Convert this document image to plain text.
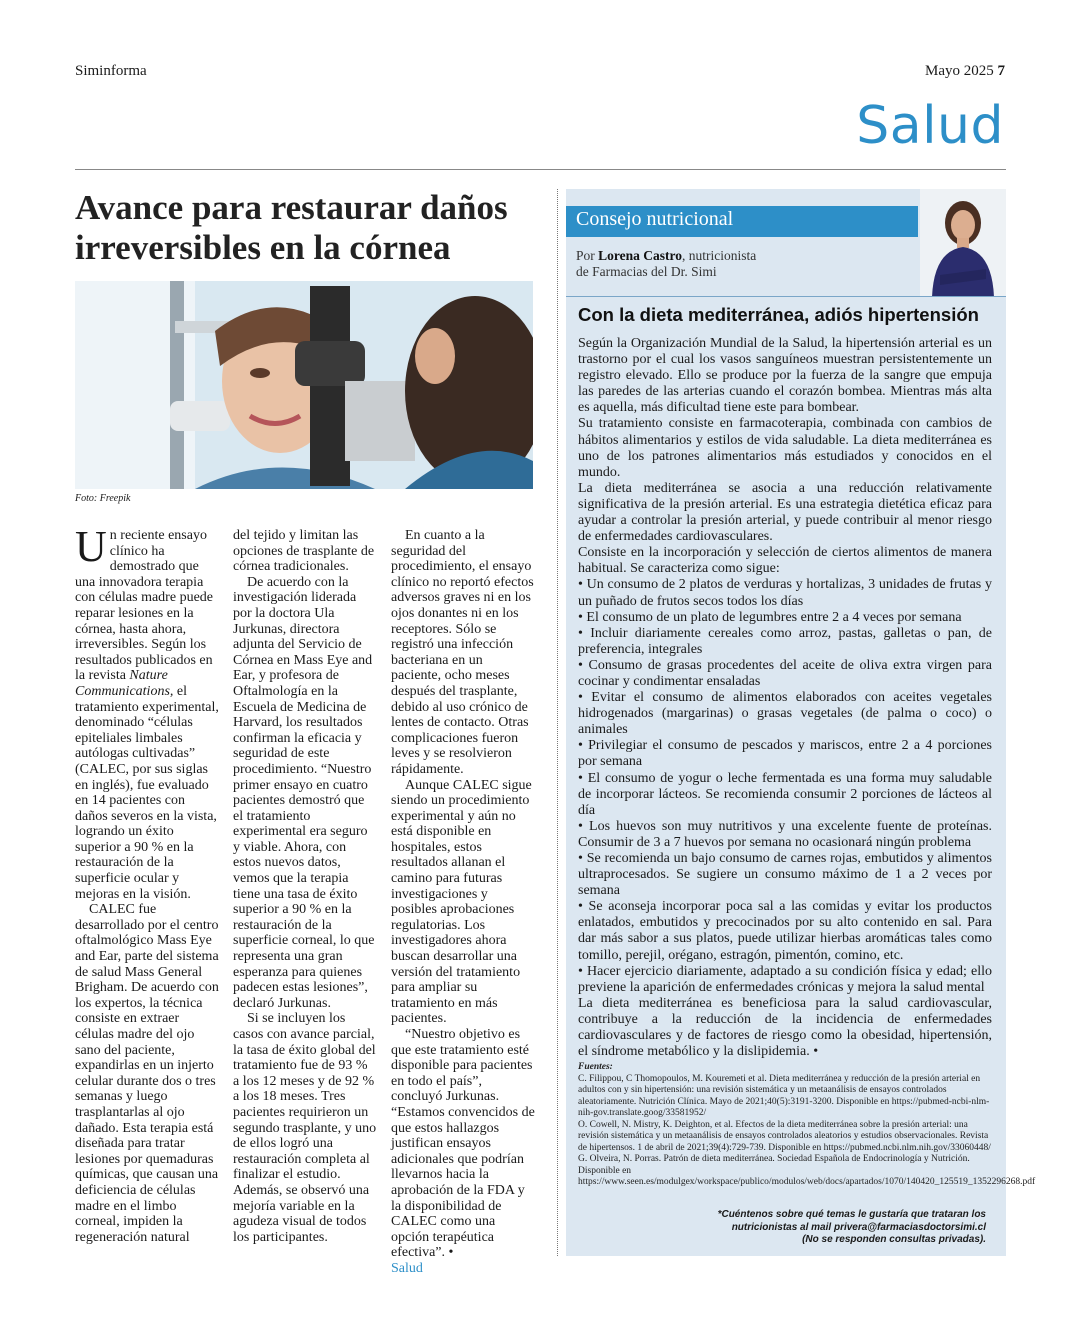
Siminforma	Mayo 2025 7
Salud
Avance para restaurar daños irreversibles en la córnea
Foto: Freepik

Un reciente ensayo clínico ha demostrado que una innovadora terapia con células madre puede reparar lesiones en la córnea, hasta ahora, irreversibles. Según los resultados publicados en la revista Nature Communications, el tratamiento experimental, denominado “células epiteliales limbales autólogas cultivadas” (CALEC, por sus siglas en inglés), fue evaluado en 14 pacientes con daños severos en la vista, logrando un éxito superior a 90 % en la restauración de la superficie ocular y mejoras en la visión.

CALEC fue desarrollado por el centro oftalmológico Mass Eye and Ear, parte del sistema de salud Mass General Brigham. De acuerdo con los expertos, la técnica consiste en extraer células madre del ojo sano del paciente, expandirlas en un injerto celular durante dos o tres semanas y luego trasplantarlas al ojo dañado. Esta terapia está diseñada para tratar lesiones por quemaduras químicas, que causan una deficiencia de células madre en el limbo corneal, impiden la regeneración natural

del tejido y limitan las opciones de trasplante de córnea tradicionales.

De acuerdo con la investigación liderada por la doctora Ula Jurkunas, directora adjunta del Servicio de Córnea en Mass Eye and Ear, y profesora de Oftalmología en la Escuela de Medicina de Harvard, los resultados confirman la eficacia y seguridad de este procedimiento. “Nuestro primer ensayo en cuatro pacientes demostró que el tratamiento experimental era seguro y viable. Ahora, con estos nuevos datos, vemos que la terapia tiene una tasa de éxito superior a 90 % en la restauración de la superficie corneal, lo que representa una gran esperanza para quienes padecen estas lesiones”, declaró Jurkunas.

Si se incluyen los casos con avance parcial, la tasa de éxito global del tratamiento fue de 93 % a los 12 meses y de 92 % a los 18 meses. Tres pacientes requirieron un segundo trasplante, y uno de ellos logró una restauración completa al finalizar el estudio. Además, se observó una mejoría variable en la agudeza visual de todos los participantes.

En cuanto a la seguridad del procedimiento, el ensayo clínico no reportó efectos adversos graves ni en los ojos donantes ni en los receptores. Sólo se registró una infección bacteriana en un paciente, ocho meses después del trasplante, debido al uso crónico de lentes de contacto. Otras complicaciones fueron leves y se resolvieron rápidamente.

Aunque CALEC sigue siendo un procedimiento experimental y aún no está disponible en hospitales, estos resultados allanan el camino para futuras investigaciones y posibles aprobaciones regulatorias. Los investigadores ahora buscan desarrollar una versión del tratamiento para ampliar su tratamiento en más pacientes.

“Nuestro objetivo es que este tratamiento esté disponible para pacientes en todo el país”, concluyó Jurkunas. “Estamos convencidos de que estos hallazgos justifican ensayos adicionales que podrían llevarnos hacia la aprobación de la FDA y la disponibilidad de CALEC como una opción terapéutica efectiva”. •

Salud

Consejo nutricional
Por Lorena Castro, nutricionista
de Farmacias del Dr. Simi
Con la dieta mediterránea, adiós hipertensión

Según la Organización Mundial de la Salud, la hipertensión arterial es un trastorno por el cual los vasos sanguíneos muestran persistentemente un registro elevado. Ello se produce por la fuerza de la sangre que empuja las paredes de las arterias cuando el corazón bombea. Mientras más alta es aquella, más dificultad tiene este para bombear.

Su tratamiento consiste en farmacoterapia, combinada con cambios de hábitos alimentarios y estilos de vida saludable. La dieta mediterránea es uno de los patrones alimentarios más estudiados y conocidos en el mundo.

La dieta mediterránea se asocia a una reducción relativamente significativa de la presión arterial. Es una estrategia dietética eficaz para ayudar a controlar la presión arterial, y puede contribuir al menor riesgo de enfermedades cardiovasculares.

Consiste en la incorporación y selección de ciertos alimentos de manera habitual. Se caracteriza como sigue:

• Un consumo de 2 platos de verduras y hortalizas, 3 unidades de frutas y un puñado de frutos secos todos los días

• El consumo de un plato de legumbres entre 2 a 4 veces por semana

• Incluir diariamente cereales como arroz, pastas, galletas o pan, de preferencia, integrales

• Consumo de grasas procedentes del aceite de oliva extra virgen para cocinar y condimentar ensaladas

• Evitar el consumo de alimentos elaborados con aceites vegetales hidrogenados (margarinas) o grasas vegetales (de palma o coco) o animales

• Privilegiar el consumo de pescados y mariscos, entre 2 a 4 porciones por semana

• El consumo de yogur o leche fermentada es una forma muy saludable de incorporar lácteos. Se recomienda consumir 2 porciones de lácteos al día

• Los huevos son muy nutritivos y una excelente fuente de proteínas. Consumir de 3 a 7 huevos por semana no ocasionará ningún problema

• Se recomienda un bajo consumo de carnes rojas, embutidos y alimentos ultraprocesados. Se sugiere un consumo máximo de 1 a 2 veces por semana

• Se aconseja incorporar poca sal a las comidas y evitar los productos enlatados, embutidos y precocinados por su alto contenido en sal. Para dar más sabor a sus platos, puede utilizar hierbas aromáticas tales como tomillo, perejil, orégano, estragón, pimentón, comino, etc.

• Hacer ejercicio diariamente, adaptado a su condición física y edad; ello previene la aparición de enfermedades crónicas y mejora la salud mental

La dieta mediterránea es beneficiosa para la salud cardiovascular, contribuye a la reducción de la incidencia de enfermedades cardiovasculares y de factores de riesgo como la obesidad, hipertensión, el síndrome metabólico y la dislipidemia. •

Fuentes:

C. Filippou, C Thomopoulos, M. Kouremeti et al. Dieta mediterránea y reducción de la presión arterial en adultos con y sin hipertensión: una revisión sistemática y un metaanálisis de ensayos controlados aleatoriamente. Nutrición Clínica. Mayo de 2021;40(5):3191-3200. Disponible en https://pubmed-ncbi-nlm-nih-gov.translate.goog/33581952/

O. Cowell, N. Mistry, K. Deighton, et al. Efectos de la dieta mediterránea sobre la presión arterial: una revisión sistemática y un metaanálisis de ensayos controlados aleatorios y estudios observacionales. Revista de hipertensos. 1 de abril de 2021;39(4):729-739. Disponible en https://pubmed.ncbi.nlm.nih.gov/33060448/

G. Olveira, N. Porras. Patrón de dieta mediterránea. Sociedad Española de Endocrinología y Nutrición. Disponible en https://www.seen.es/modulgex/workspace/publico/modulos/web/docs/apartados/1070/140420_125519_1352296268.pdf

*Cuéntenos sobre qué temas le gustaría que trataran los
nutricionistas al mail privera@farmaciasdoctorsimi.cl
(No se responden consultas privadas).
